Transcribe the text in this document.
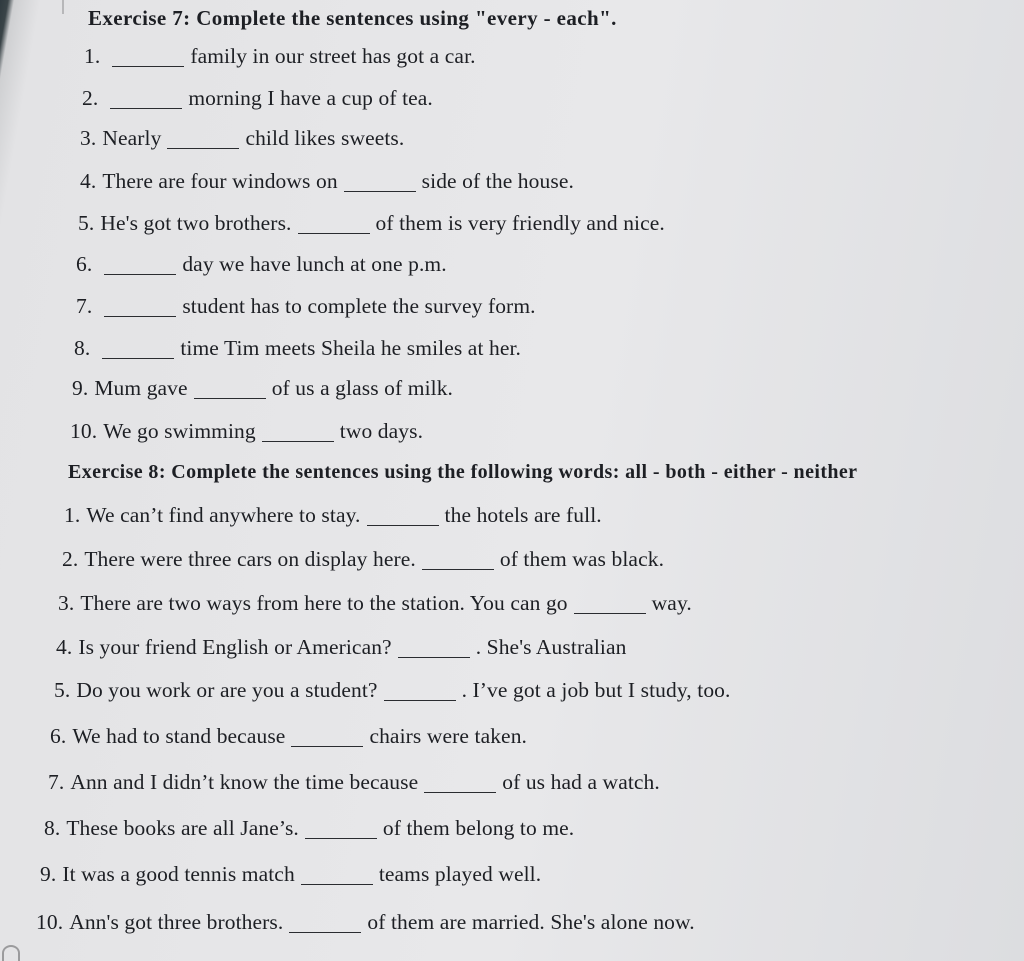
Exercise 7: Complete the sentences using "every - each".
1.	family in our street has got a car.
2.	morning I have a cup of tea.
3. Nearly	child likes sweets.
4. There are four windows on	side of the house.
5. He's got two brothers.	of them is very friendly and nice.
6.	day we have lunch at one p.m.
7.	student has to complete the survey form.
8.	time Tim meets Sheila he smiles at her.
9. Mum gave	of us a glass of milk.
10. We go swimming	two days.
Exercise 8: Complete the sentences using the following words: all - both - either - neither
1. We can’t find anywhere to stay.	the hotels are full.
2. There were three cars on display here.	of them was black.
3. There are two ways from here to the station. You can go	way.
4. Is your friend English or American?	. She's Australian
5. Do you work or are you a student?	. I’ve got a job but I study, too.
6. We had to stand because	chairs were taken.
7. Ann and I didn’t know the time because	of us had a watch.
8. These books are all Jane’s.	of them belong to me.
9. It was a good tennis match	teams played well.
10. Ann's got three brothers.	of them are married. She's alone now.
